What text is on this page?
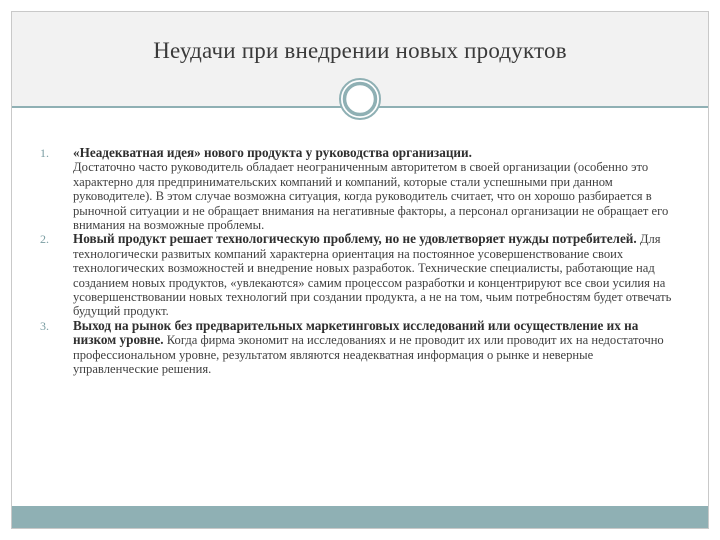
Неудачи при внедрении новых продуктов
1. «Неадекватная идея» нового продукта у руководства организации.
Достаточно часто руководитель обладает неограниченным авторитетом в своей организации (особенно это характерно для предпринимательских компаний и компаний, которые стали успешными при данном руководителе). В этом случае возможна ситуация, когда руководитель считает, что он хорошо разбирается в рыночной ситуации и не обращает внимания на негативные факторы, а персонал организации не обращает его внимания на возможные проблемы.
2. Новый продукт решает технологическую проблему, но не удовлетворяет нужды потребителей. Для технологически развитых компаний характерна ориентация на постоянное усовершенствование своих технологических возможностей и внедрение новых разработок. Технические специалисты, работающие над созданием новых продуктов, «увлекаются» самим процессом разработки и концентрируют все свои усилия на усовершенствовании новых технологий при создании продукта, а не на том, чьим потребностям будет отвечать будущий продукт.
3. Выход на рынок без предварительных маркетинговых исследований или осуществление их на низком уровне. Когда фирма экономит на исследованиях и не проводит их или проводит их на недостаточно профессиональном уровне, результатом являются неадекватная информация о рынке и неверные управленческие решения.
